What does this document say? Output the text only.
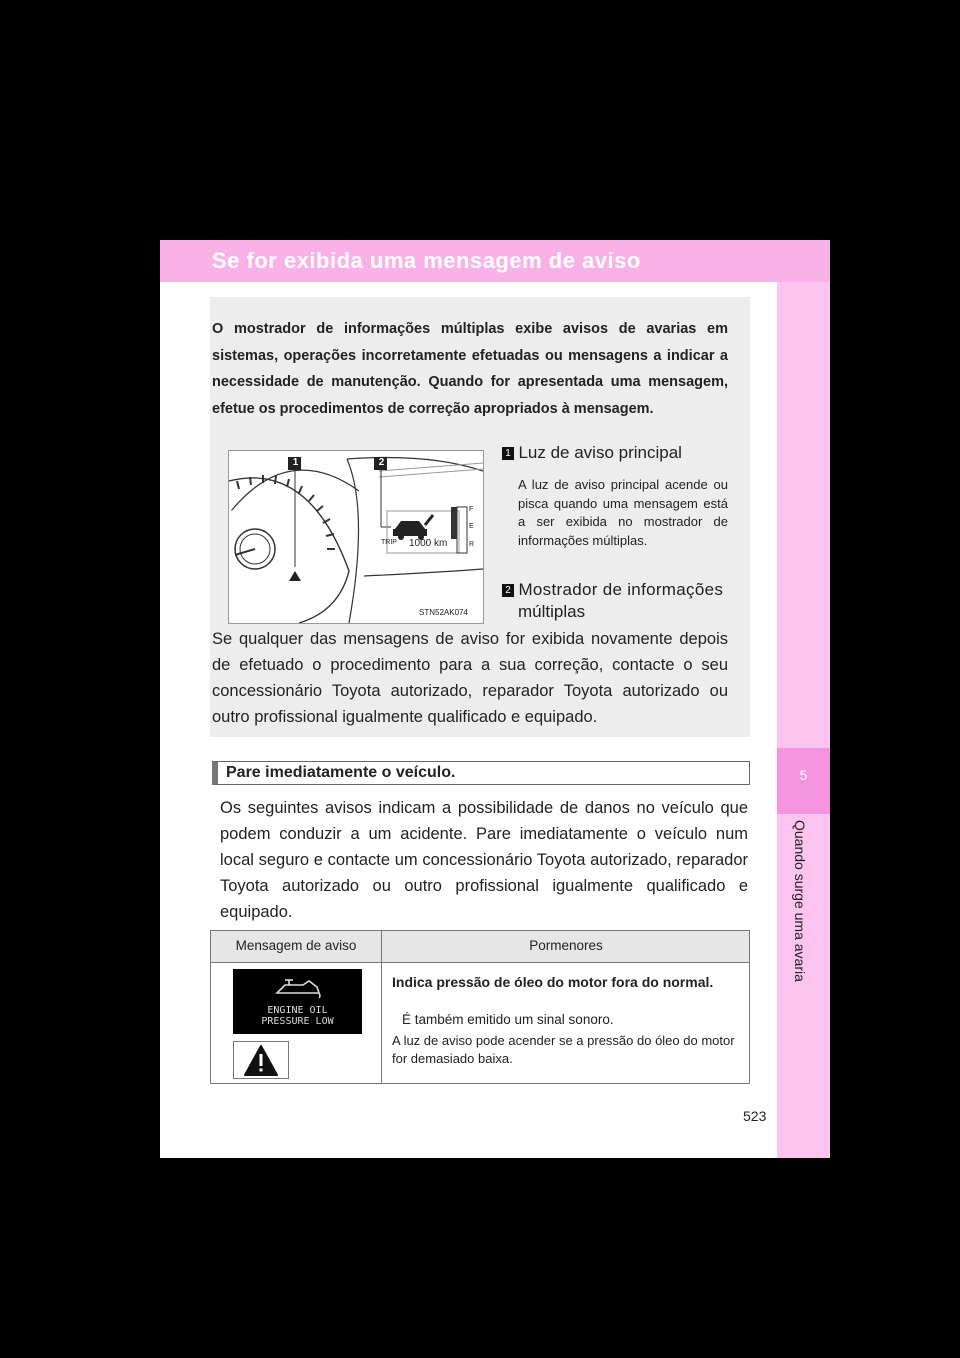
Se for exibida uma mensagem de aviso
5
Quando surge uma avaria
O mostrador de informações múltiplas exibe avisos de avarias em sistemas, operações incorretamente efetuadas ou mensagens a indicar a necessidade de manutenção. Quando for apresentada uma mensagem, efetue os procedimentos de correção apropriados à mensagem.
1	2
TRIP 1000 km
F
E
R
STN52AK074
1 Luz de aviso principal
A luz de aviso principal acende ou pisca quando uma mensagem está a ser exibida no mostrador de informações múltiplas.
2 Mostrador de informações
múltiplas
Se qualquer das mensagens de aviso for exibida novamente depois de efetuado o procedimento para a sua correção, contacte o seu concessionário Toyota autorizado, reparador Toyota autorizado ou outro profissional igualmente qualificado e equipado.
Pare imediatamente o veículo.
Os seguintes avisos indicam a possibilidade de danos no veículo que podem conduzir a um acidente. Pare imediatamente o veículo num local seguro e contacte um concessionário Toyota autorizado, reparador Toyota autorizado ou outro profissional igualmente qualificado e equipado.
Mensagem de aviso	Pormenores
ENGINE OIL
PRESSURE LOW
Indica pressão de óleo do motor fora do normal.
É também emitido um sinal sonoro.
A luz de aviso pode acender se a pressão do óleo do motor for demasiado baixa.
523
